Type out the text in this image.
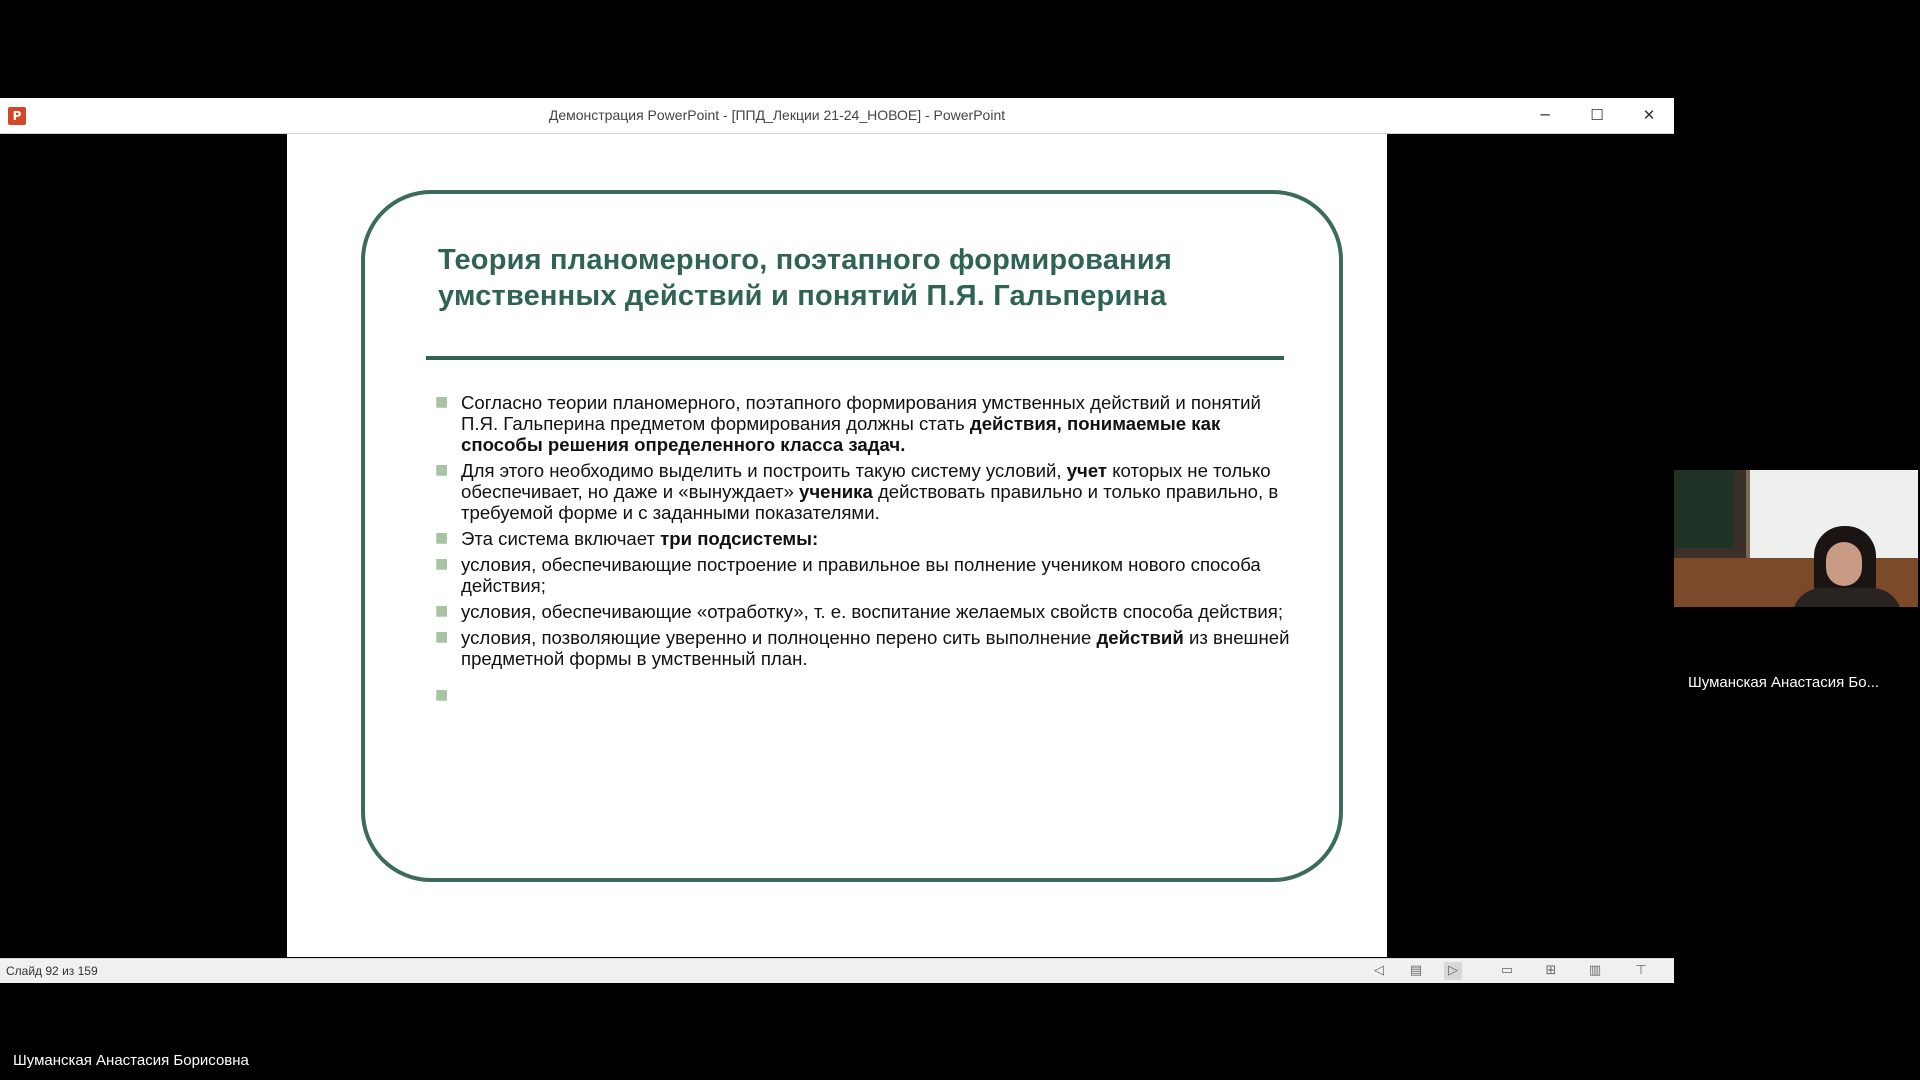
P	Демонстрация PowerPoint - [ППД_Лекции 21-24_НОВОЕ] - PowerPoint	─	☐	✕
Теория планомерного, поэтапного формирования умственных действий и понятий П.Я. Гальперина
■ Согласно теории планомерного, поэтапного формирования умственных действий и понятий П.Я. Гальперина предметом формирования должны стать действия, понимаемые как способы решения определенного класса задач.
■ Для этого необходимо выделить и построить такую систему условий, учет которых не только обеспечивает, но даже и «вынуждает» ученика действовать правильно и только правильно, в требуемой форме и с заданными показателями.
■ Эта система включает три подсистемы:
■ условия, обеспечивающие построение и правильное вы полнение учеником нового способа действия;
■ условия, обеспечивающие «отработку», т. е. воспитание желаемых свойств способа действия;
■ условия, позволяющие уверенно и полноценно перено сить выполнение действий из внешней предметной формы в умственный план.
■
Слайд 92 из 159	◁	▤	▷	▭ ⊞ ▥	⊤
Шуманская Анастасия Бо...
Шуманская Анастасия Борисовна
